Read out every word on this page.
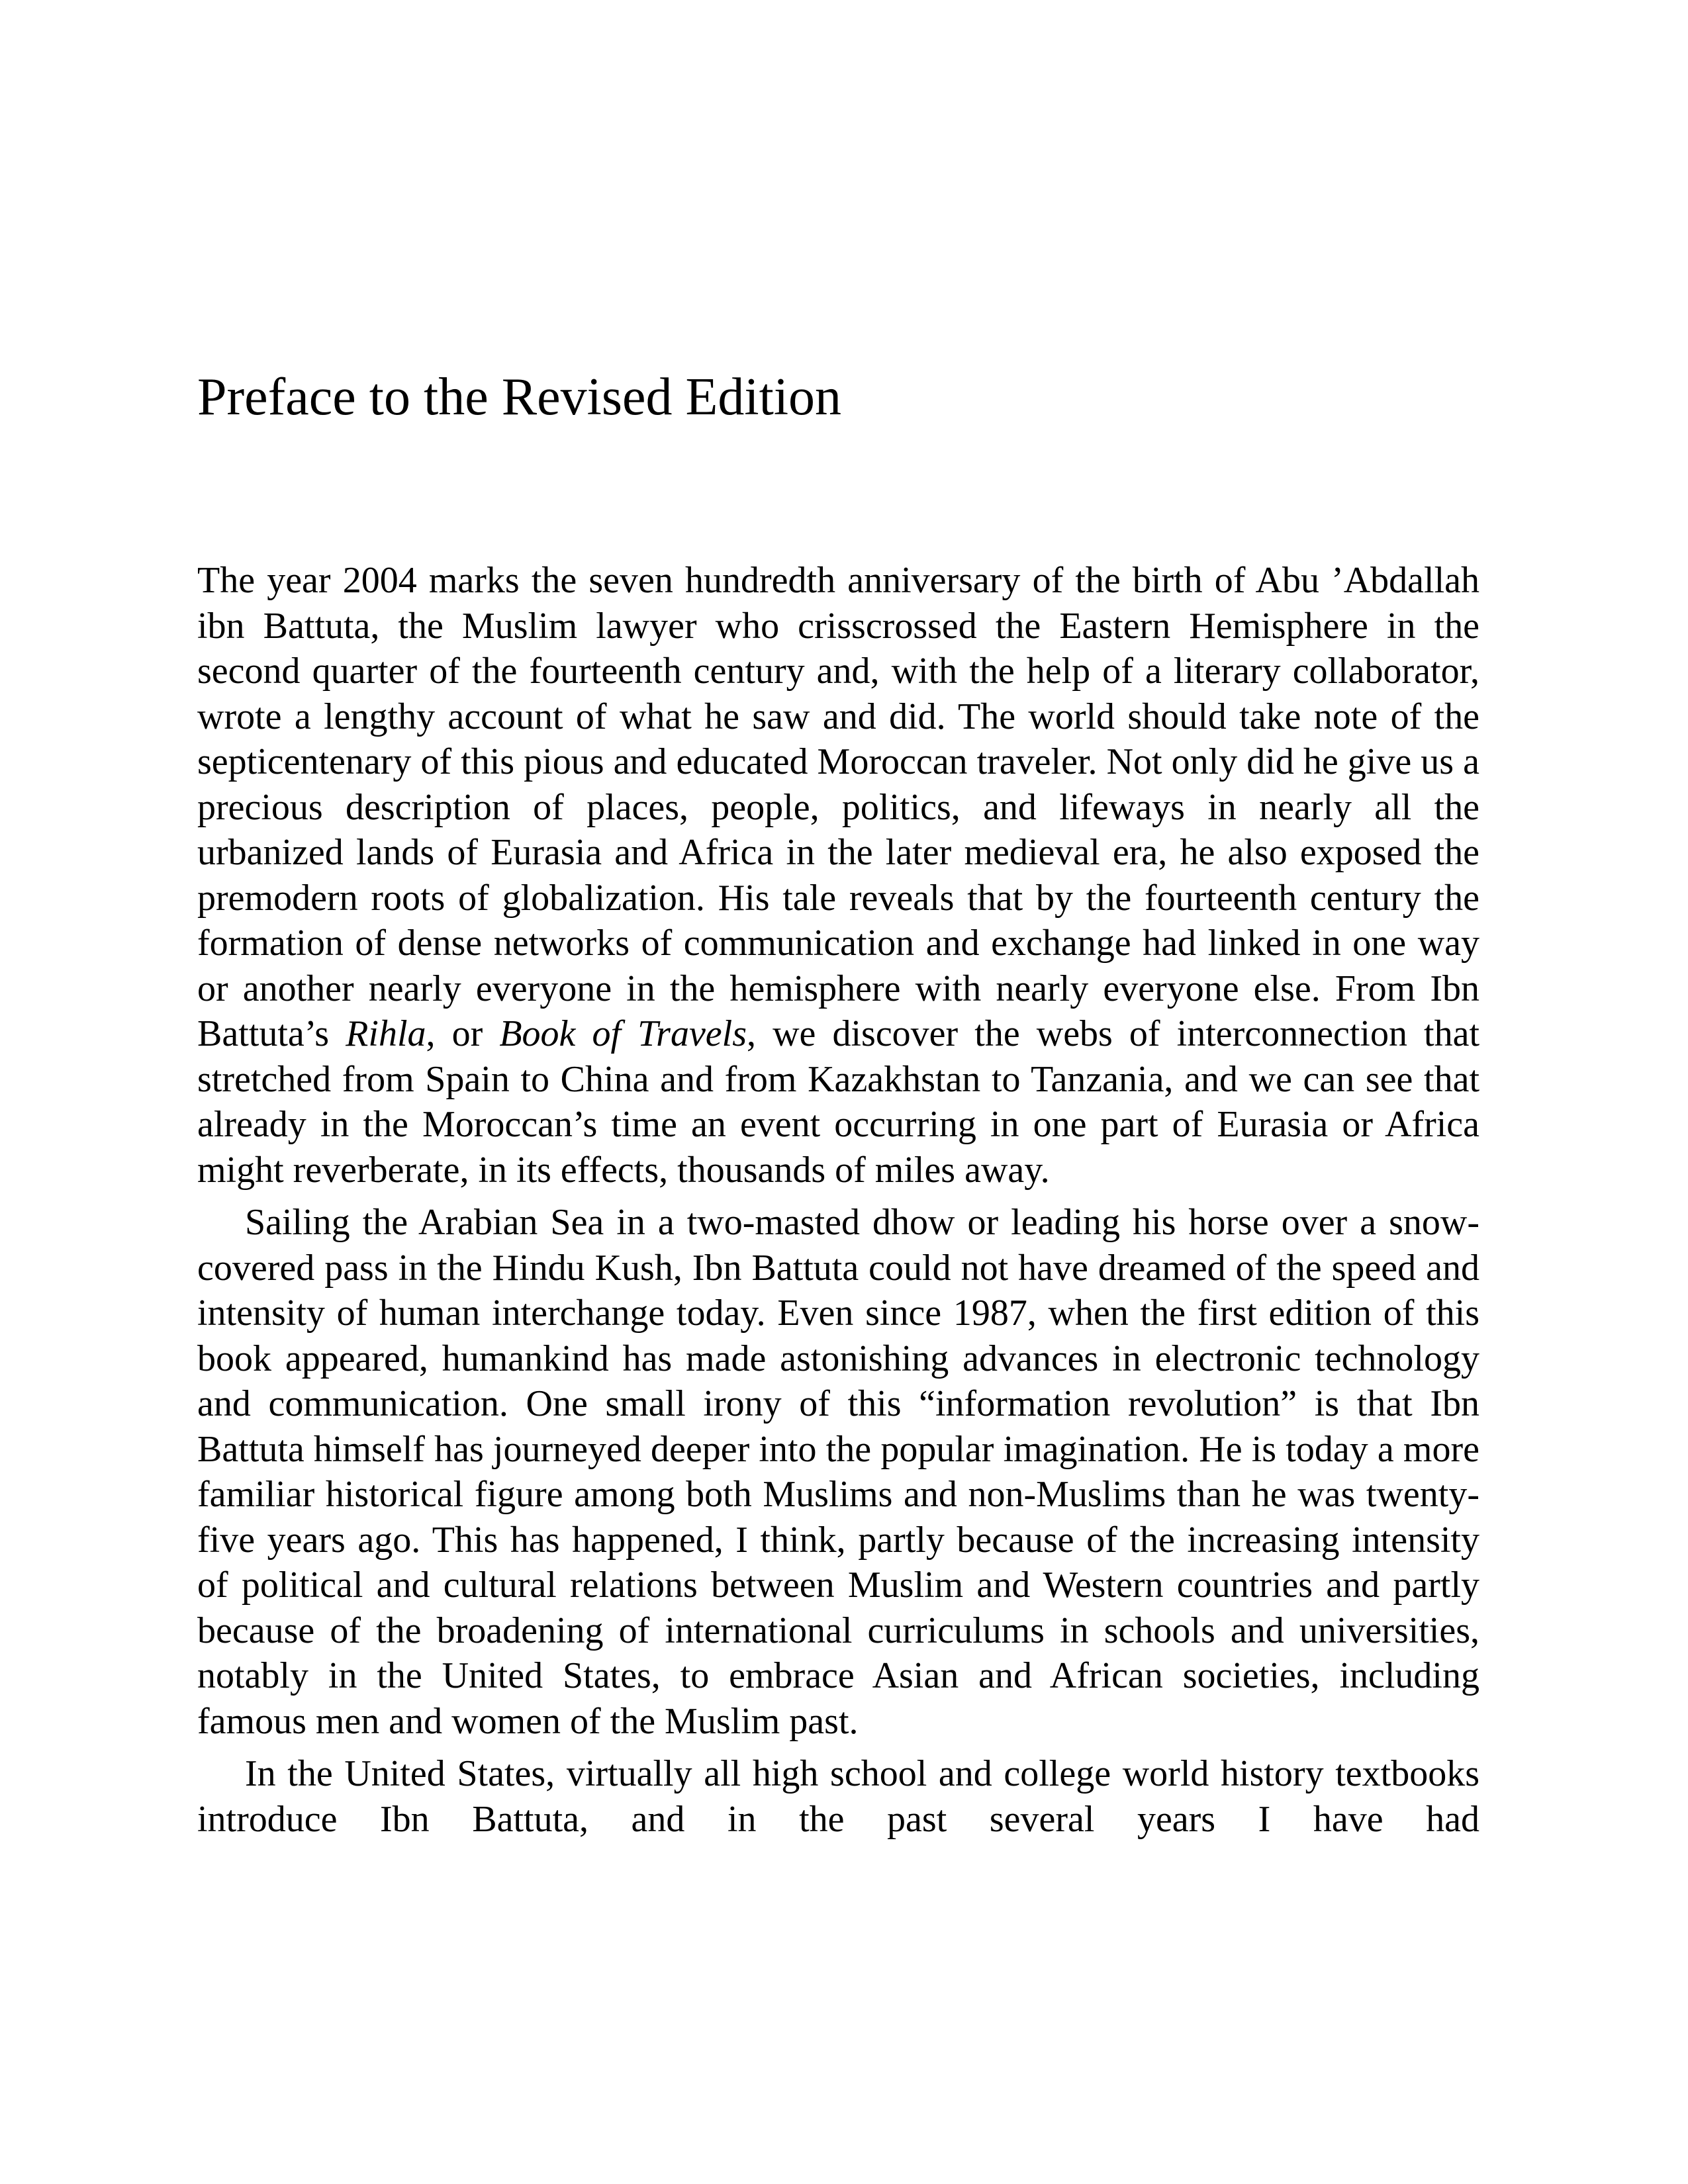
Preface to the Revised Edition

The year 2004 marks the seven hundredth anniversary of the birth of Abu ’Abdallah ibn Battuta, the Muslim lawyer who crisscrossed the Eastern Hemisphere in the second quarter of the fourteenth century and, with the help of a literary collaborator, wrote a lengthy account of what he saw and did. The world should take note of the septicentenary of this pious and educated Moroccan traveler. Not only did he give us a precious description of places, people, politics, and lifeways in nearly all the urbanized lands of Eurasia and Africa in the later medieval era, he also exposed the premodern roots of globalization. His tale reveals that by the fourteenth century the formation of dense networks of communication and exchange had linked in one way or another nearly everyone in the hemisphere with nearly everyone else. From Ibn Battuta’s Rihla, or Book of Travels, we discover the webs of interconnection that stretched from Spain to China and from Kazakhstan to Tanzania, and we can see that already in the Moroccan’s time an event occurring in one part of Eurasia or Africa might reverberate, in its effects, thousands of miles away.

Sailing the Arabian Sea in a two-masted dhow or leading his horse over a snow-covered pass in the Hindu Kush, Ibn Battuta could not have dreamed of the speed and intensity of human interchange today. Even since 1987, when the first edition of this book appeared, humankind has made astonishing advances in electronic technology and communication. One small irony of this “information revolution” is that Ibn Battuta himself has journeyed deeper into the popular imagination. He is today a more familiar historical figure among both Muslims and non-Muslims than he was twenty-five years ago. This has happened, I think, partly because of the increasing intensity of political and cultural relations between Muslim and Western countries and partly because of the broadening of international curriculums in schools and universities, notably in the United States, to embrace Asian and African societies, including famous men and women of the Muslim past.

In the United States, virtually all high school and college world history textbooks introduce Ibn Battuta, and in the past several years I have had
